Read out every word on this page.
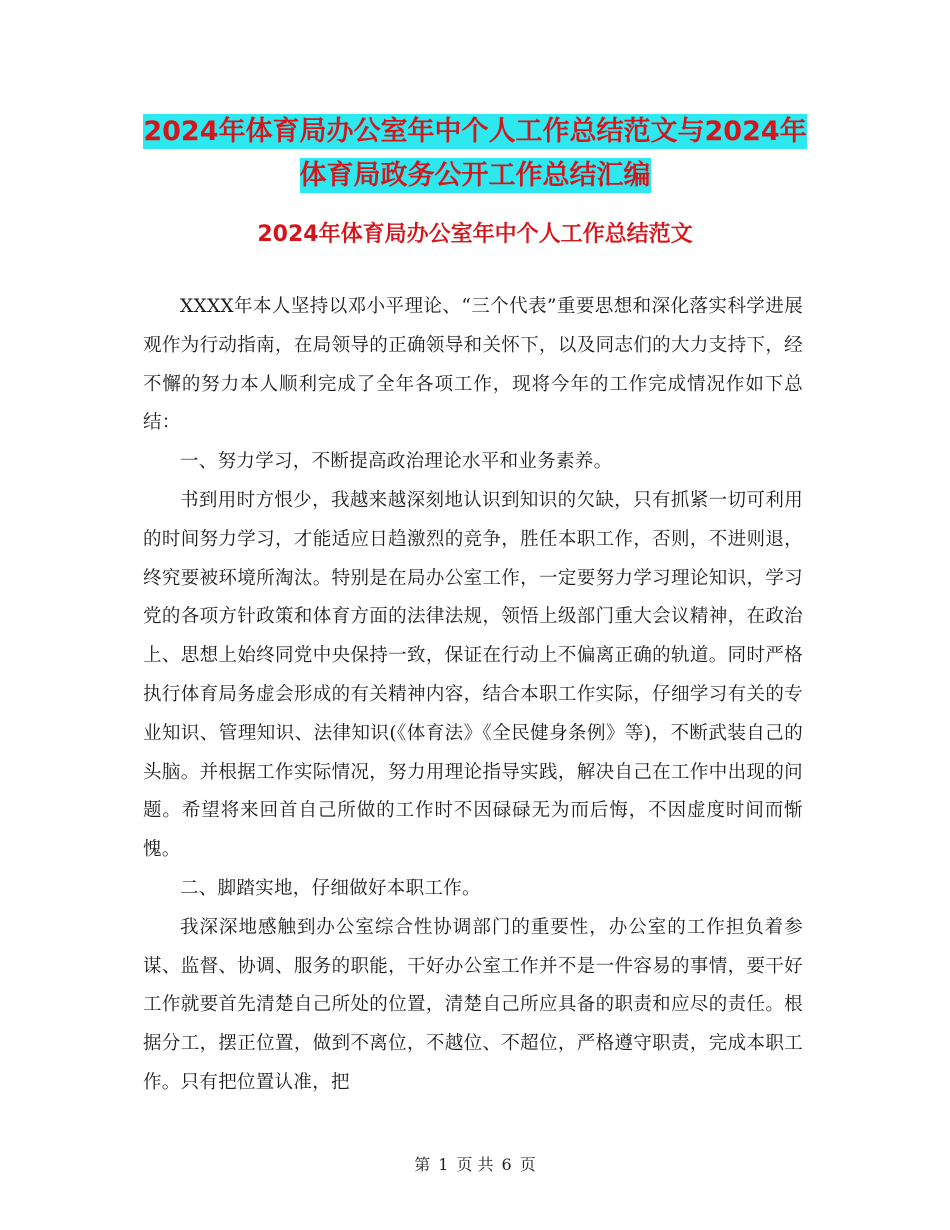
2024年体育局办公室年中个人工作总结范文与2024年
体育局政务公开工作总结汇编
2024年体育局办公室年中个人工作总结范文

XXXX年本人坚持以邓小平理论、“三个代表”重要思想和深化落实科学进展观作为行动指南，在局领导的正确领导和关怀下，以及同志们的大力支持下，经不懈的努力本人顺利完成了全年各项工作，现将今年的工作完成情况作如下总结：

一、努力学习，不断提高政治理论水平和业务素养。

书到用时方恨少，我越来越深刻地认识到知识的欠缺，只有抓紧一切可利用的时间努力学习，才能适应日趋激烈的竞争，胜任本职工作，否则，不进则退，终究要被环境所淘汰。特别是在局办公室工作，一定要努力学习理论知识，学习党的各项方针政策和体育方面的法律法规，领悟上级部门重大会议精神，在政治上、思想上始终同党中央保持一致，保证在行动上不偏离正确的轨道。同时严格执行体育局务虚会形成的有关精神内容，结合本职工作实际，仔细学习有关的专业知识、管理知识、法律知识(《体育法》《全民健身条例》等)，不断武装自己的头脑。并根据工作实际情况，努力用理论指导实践，解决自己在工作中出现的问题。希望将来回首自己所做的工作时不因碌碌无为而后悔，不因虚度时间而惭愧。

二、脚踏实地，仔细做好本职工作。

我深深地感触到办公室综合性协调部门的重要性，办公室的工作担负着参谋、监督、协调、服务的职能，干好办公室工作并不是一件容易的事情，要干好工作就要首先清楚自己所处的位置，清楚自己所应具备的职责和应尽的责任。根据分工，摆正位置，做到不离位，不越位、不超位，严格遵守职责，完成本职工作。只有把位置认准，把

第 1 页 共 6 页
